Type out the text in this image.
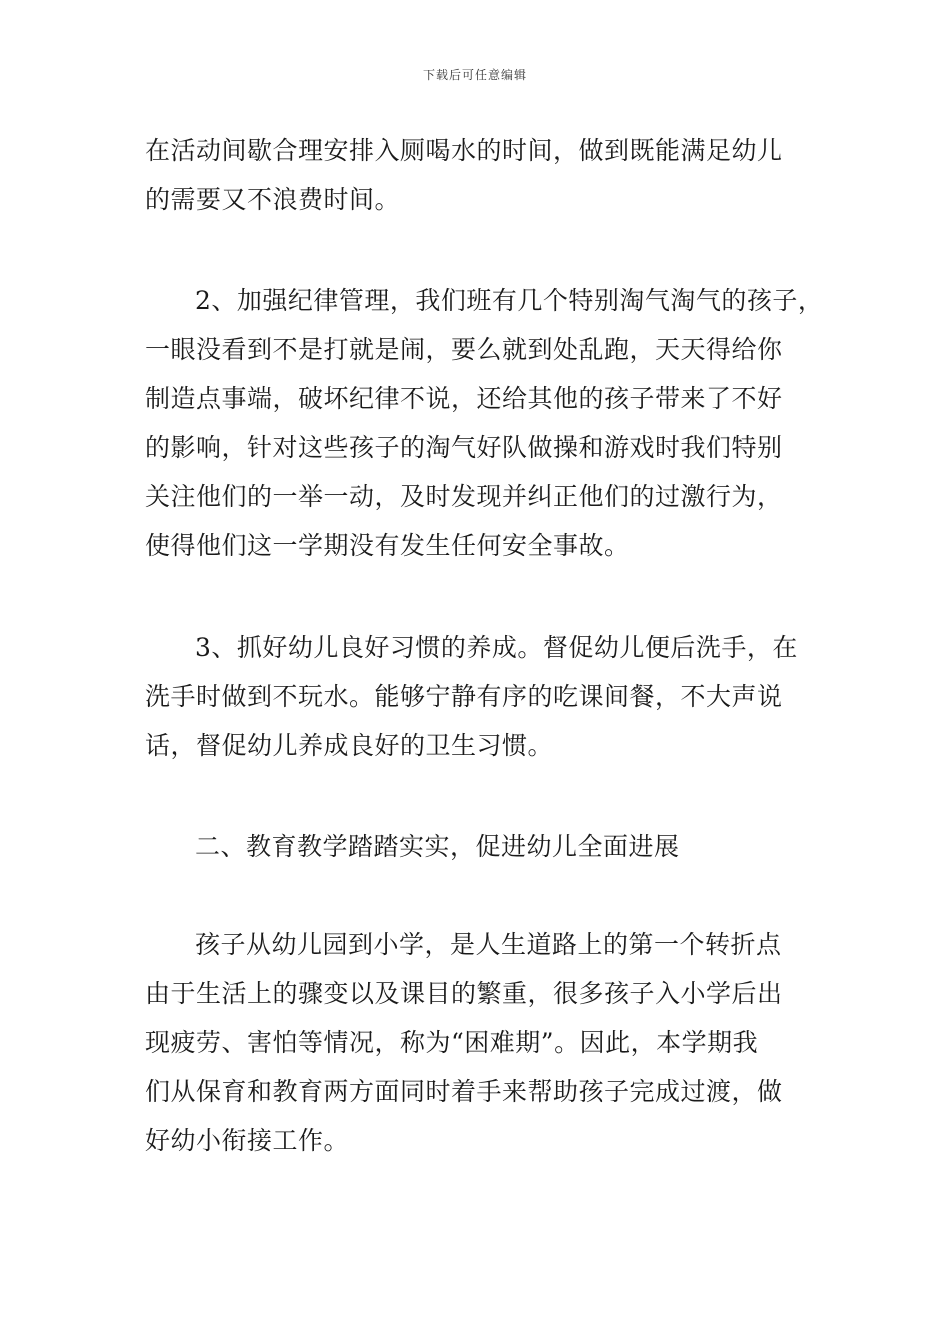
下载后可任意编辑
在活动间歇合理安排入厕喝水的时间，做到既能满足幼儿
的需要又不浪费时间。
2、加强纪律管理，我们班有几个特别淘气淘气的孩子，
一眼没看到不是打就是闹，要么就到处乱跑，天天得给你
制造点事端，破坏纪律不说，还给其他的孩子带来了不好
的影响，针对这些孩子的淘气好队做操和游戏时我们特别
关注他们的一举一动，及时发现并纠正他们的过激行为，
使得他们这一学期没有发生任何安全事故。
3、抓好幼儿良好习惯的养成。督促幼儿便后洗手，在
洗手时做到不玩水。能够宁静有序的吃课间餐，不大声说
话，督促幼儿养成良好的卫生习惯。
二、教育教学踏踏实实，促进幼儿全面进展
孩子从幼儿园到小学，是人生道路上的第一个转折点
由于生活上的骤变以及课目的繁重，很多孩子入小学后出
现疲劳、害怕等情况，称为“困难期”。因此，本学期我
们从保育和教育两方面同时着手来帮助孩子完成过渡，做
好幼小衔接工作。
